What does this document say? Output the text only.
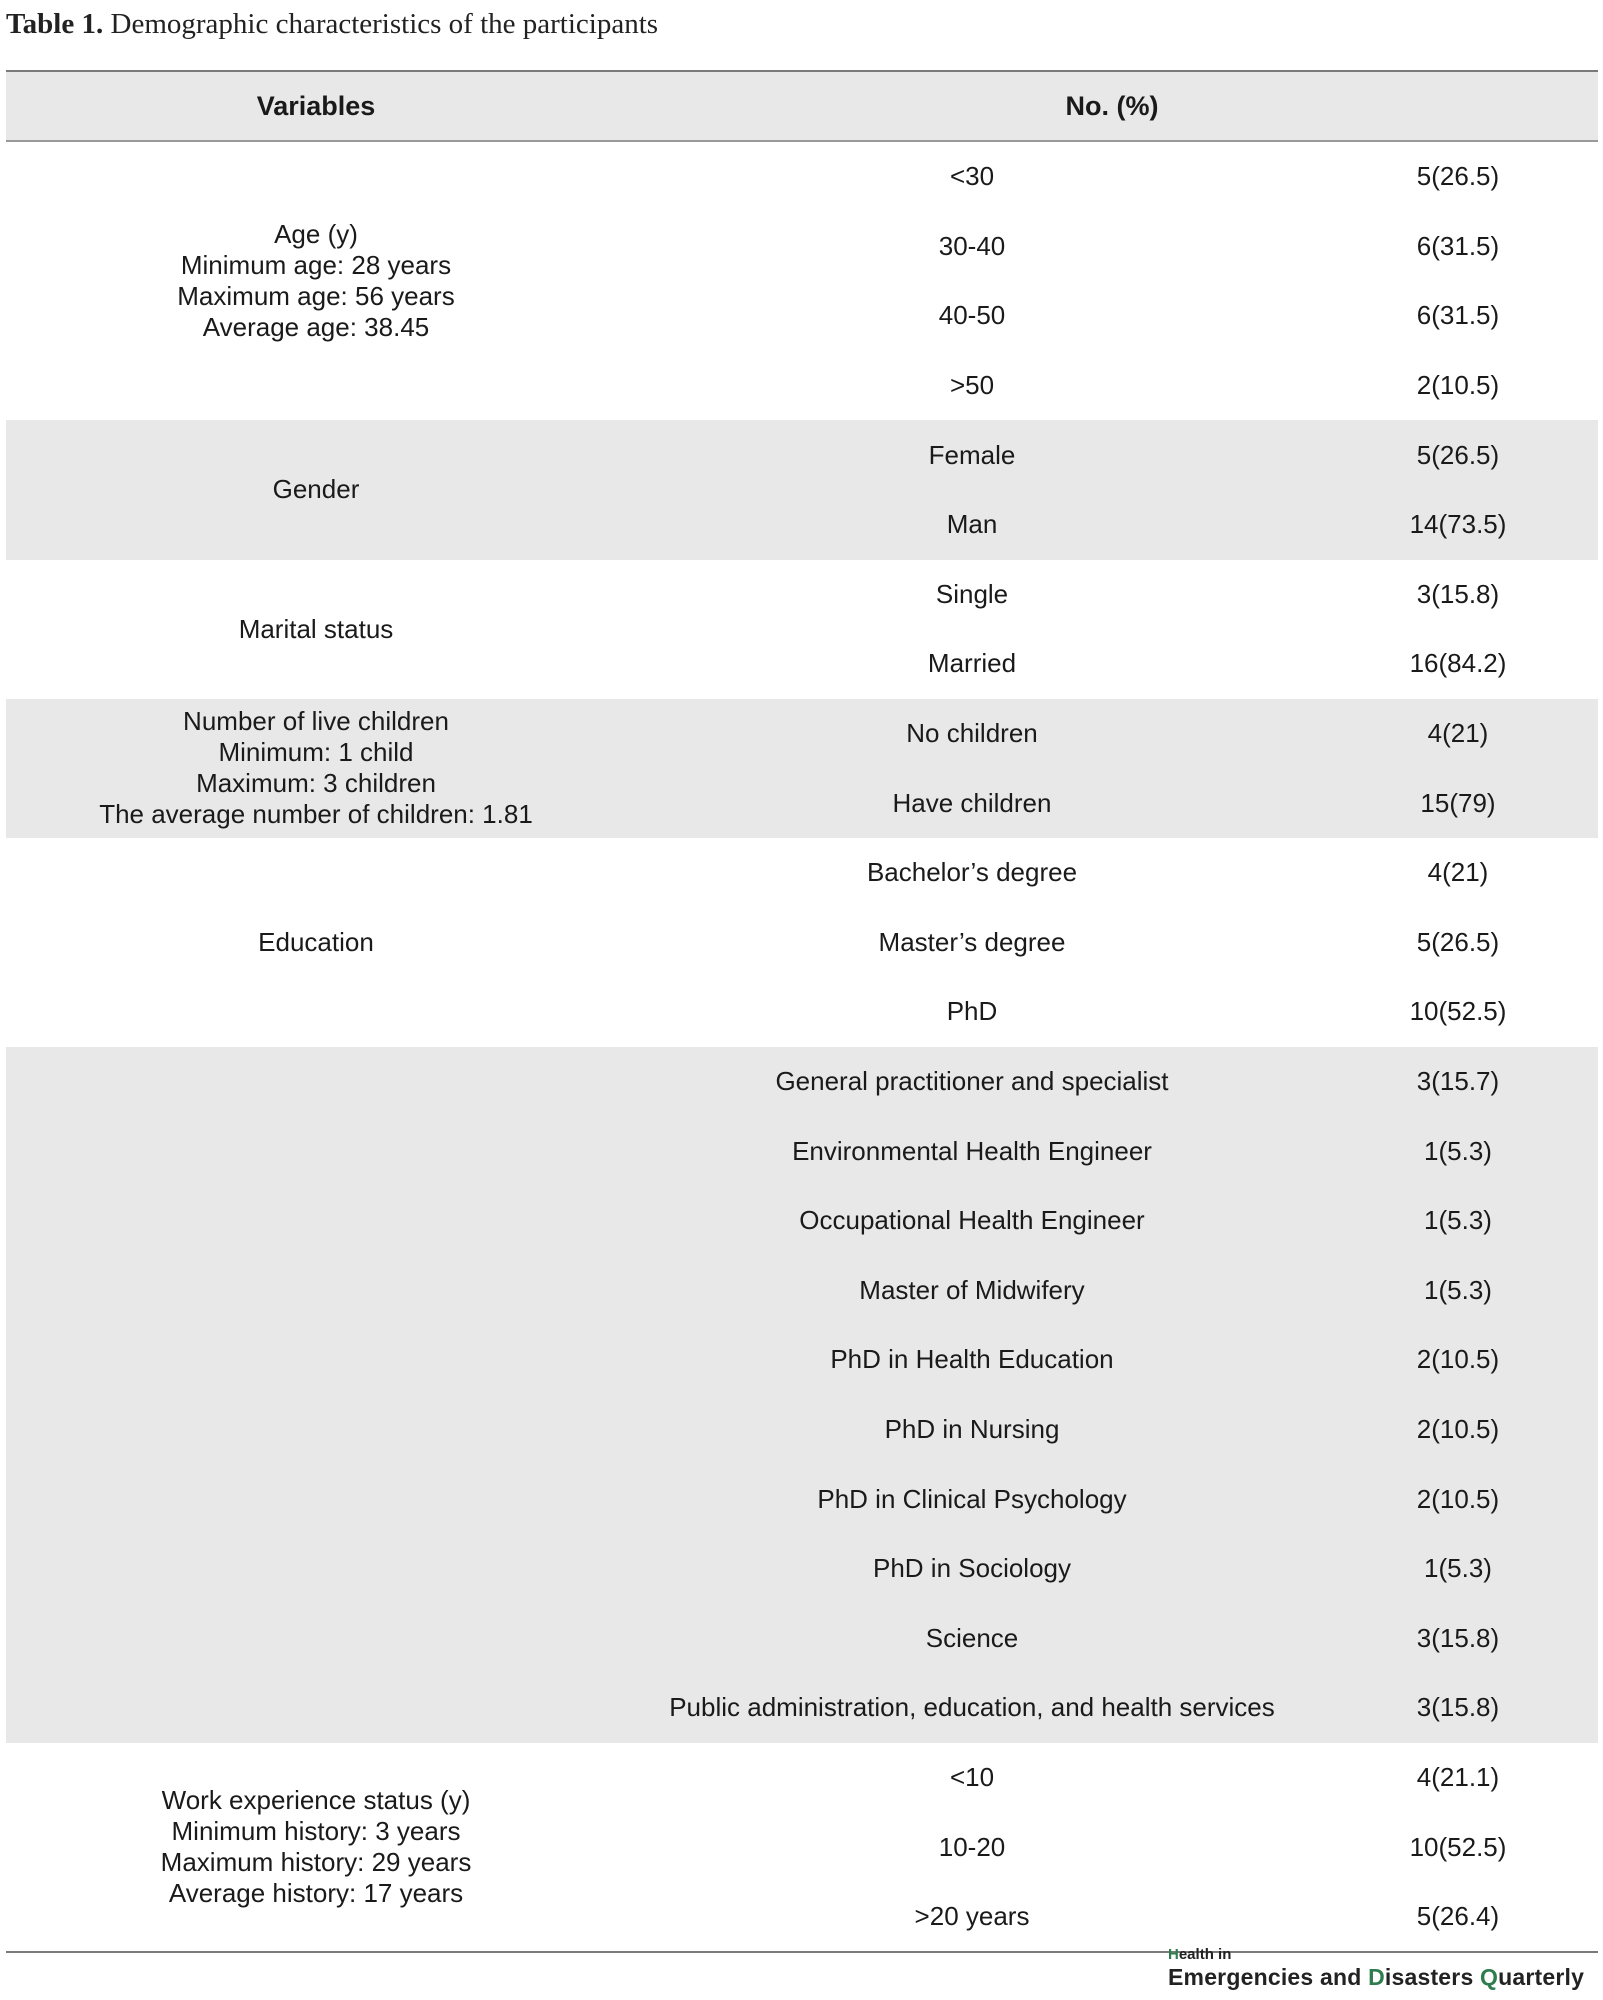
Table 1. Demographic characteristics of the participants
Variables	No. (%)
Age (y)
Minimum age: 28 years
Maximum age: 56 years
Average age: 38.45
<30	5(26.5)
30-40	6(31.5)
40-50	6(31.5)
>50	2(10.5)
Gender
Female	5(26.5)
Man	14(73.5)
Marital status
Single	3(15.8)
Married	16(84.2)
Number of live children
Minimum: 1 child
Maximum: 3 children
The average number of children: 1.81
No children	4(21)
Have children	15(79)
Education
Bachelor’s degree	4(21)
Master’s degree	5(26.5)
PhD	10(52.5)
General practitioner and specialist	3(15.7)
Environmental Health Engineer	1(5.3)
Occupational Health Engineer	1(5.3)
Master of Midwifery	1(5.3)
PhD in Health Education	2(10.5)
PhD in Nursing	2(10.5)
PhD in Clinical Psychology	2(10.5)
PhD in Sociology	1(5.3)
Science	3(15.8)
Public administration, education, and health services	3(15.8)
Work experience status (y)
Minimum history: 3 years
Maximum history: 29 years
Average history: 17 years
<10	4(21.1)
10-20	10(52.5)
>20 years	5(26.4)
Health in
Emergencies and Disasters Quarterly
